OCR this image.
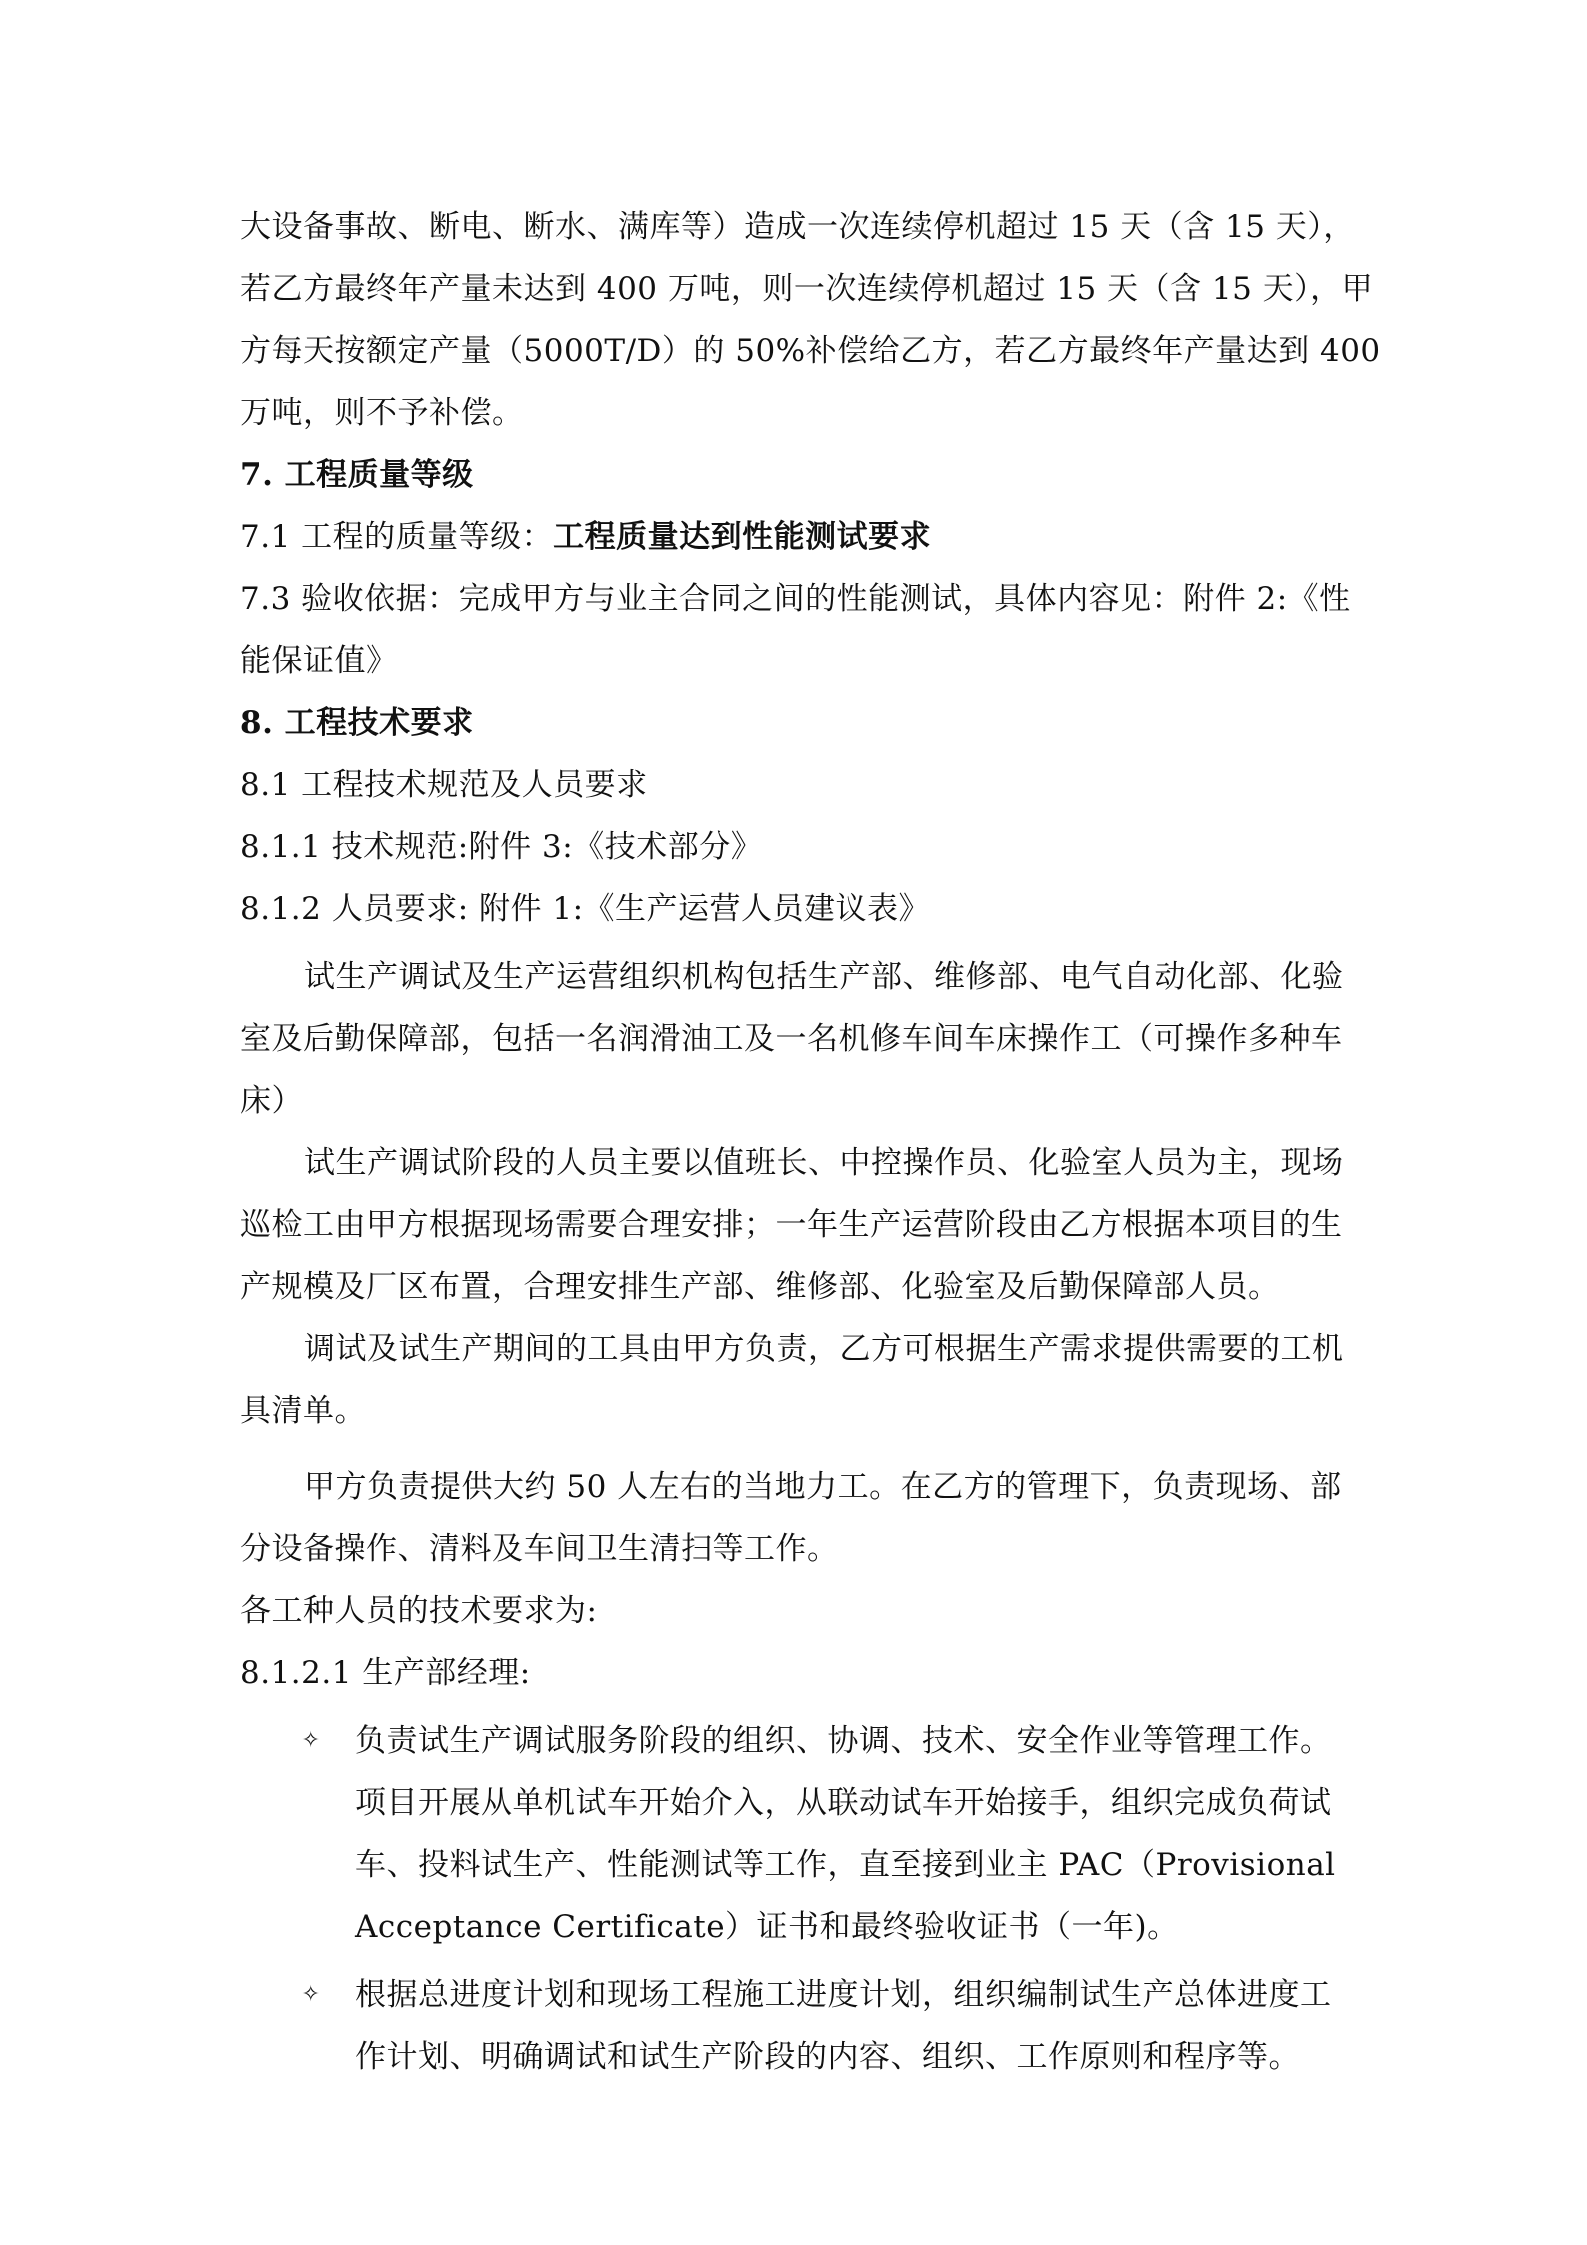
大设备事故、断电、断水、满库等）造成一次连续停机超过 15 天（含 15 天），
若乙方最终年产量未达到 400 万吨，则一次连续停机超过 15 天（含 15 天），甲
方每天按额定产量（5000T/D）的 50%补偿给乙方，若乙方最终年产量达到 400
万吨，则不予补偿。
7. 工程质量等级
7.1 工程的质量等级：工程质量达到性能测试要求
7.3 验收依据：完成甲方与业主合同之间的性能测试，具体内容见：附件 2:《性
能保证值》
8. 工程技术要求
8.1 工程技术规范及人员要求
8.1.1 技术规范:附件 3:《技术部分》
8.1.2 人员要求: 附件 1:《生产运营人员建议表》
试生产调试及生产运营组织机构包括生产部、维修部、电气自动化部、化验
室及后勤保障部，包括一名润滑油工及一名机修车间车床操作工（可操作多种车
床）
试生产调试阶段的人员主要以值班长、中控操作员、化验室人员为主，现场
巡检工由甲方根据现场需要合理安排；一年生产运营阶段由乙方根据本项目的生
产规模及厂区布置，合理安排生产部、维修部、化验室及后勤保障部人员。
调试及试生产期间的工具由甲方负责，乙方可根据生产需求提供需要的工机
具清单。
甲方负责提供大约 50 人左右的当地力工。在乙方的管理下，负责现场、部
分设备操作、清料及车间卫生清扫等工作。
各工种人员的技术要求为:
8.1.2.1 生产部经理:
✧ 负责试生产调试服务阶段的组织、协调、技术、安全作业等管理工作。
项目开展从单机试车开始介入，从联动试车开始接手，组织完成负荷试
车、投料试生产、性能测试等工作，直至接到业主 PAC（Provisional
Acceptance Certificate）证书和最终验收证书（一年)。
✧ 根据总进度计划和现场工程施工进度计划，组织编制试生产总体进度工
作计划、明确调试和试生产阶段的内容、组织、工作原则和程序等。
